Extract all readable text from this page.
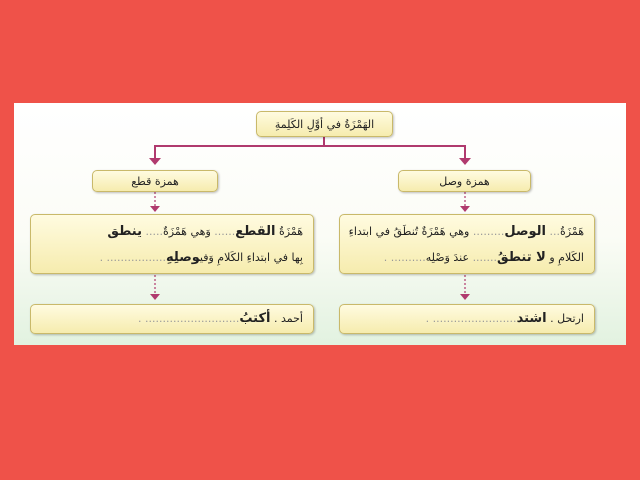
الهَمْزَةُ في أوَّلِ الكَلِمةِ
همزة قطع	همزة وصل
هَمْزَةُ القطع...... وَهي هَمْزَةٌ..... ينطق
بِها في ابتداءِ الكَلامِ وَفيوصلِهِ................. .
هَمْزَةُ... الوصل......... وهي هَمْزَةٌ تُنطَقُ في ابتداءِ
الكَلامِ و لا تنطقُ....... عندَ وَصْلِه.......... .
أحمد . أكتبُ........................... .	ارتحل . اشتد........................ .
